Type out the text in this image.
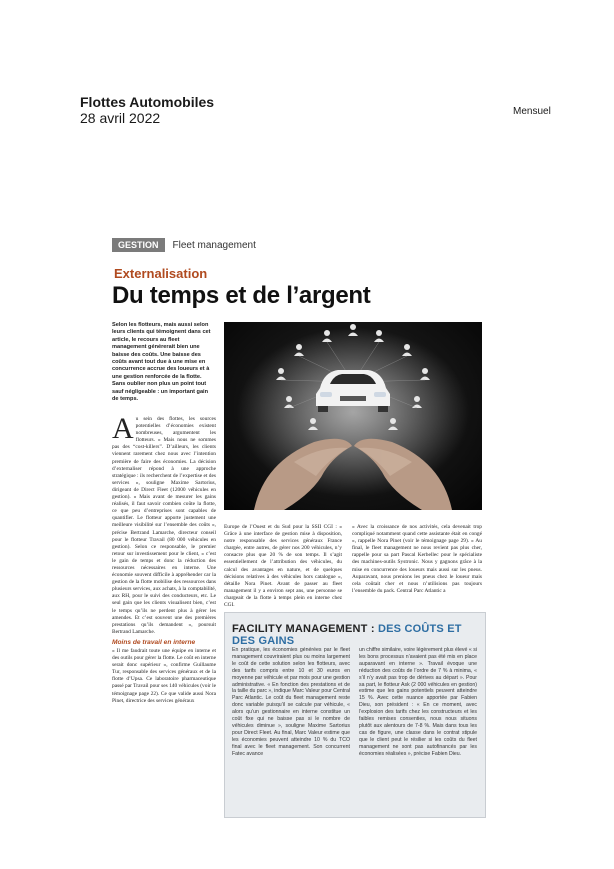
Flottes Automobiles
28 avril 2022	Mensuel
GESTION	Fleet management
Externalisation
Du temps et de l’argent
Selon les flotteurs, mais aussi selon leurs clients qui témoignent dans cet article, le recours au fleet management générerait bien une baisse des coûts. Une baisse des coûts avant tout due à une mise en concurrence accrue des loueurs et à une gestion renforcée de la flotte. Sans oublier non plus un point tout sauf négligeable : un important gain de temps.
Au sein des flottes, les sources potentielles d’économies existent nombreuses, argumentent les flotteurs. « Mais nous ne sommes pas des “cost-killers”. D’ailleurs, les clients viennent rarement chez nous avec l’intention première de faire des économies. La décision d’externaliser répond à une approche stratégique : ils recherchent de l’expertise et des services », souligne Maxime Sartorius, dirigeant de Direct Fleet (12000 véhicules en gestion). « Mais avant de mesurer les gains réalisés, il faut savoir combien coûte la flotte, ce que peu d’entreprises sont capables de quantifier. Le flotteur apporte justement une meilleure visibilité sur l’ensemble des coûts », précise Bertrand Lamarche, directeur conseil pour le flotteur Travail (80 000 véhicules en gestion). Selon ce responsable, le premier retour sur investissement pour le client, « c’est le gain de temps et donc la réduction des ressources nécessaires en interne. Une économie souvent difficile à appréhender car la gestion de la flotte mobilise des ressources dans plusieurs services, aux achats, à la comptabilité, aux RH, pour le suivi des conducteurs, etc. Le seul gain que les clients visualisent bien, c’est le temps qu’ils ne perdent plus à gérer les amendes. Et c’est souvent une des premières prestations qu’ils demandent », poursuit Bertrand Lamarche.
Moins de travail en interne
« Il me faudrait toute une équipe en interne et des outils pour gérer la flotte. Le coût en interne serait donc supérieur », confirme Guillaume Tur, responsable des services généraux et de la flotte d’Upsa. Ce laboratoire pharmaceutique passé par Travail pour ses 140 véhicules (voir le témoignage page 22). Ce que valide aussi Nora Pinet, directrice des services généraux
Europe de l’Ouest et du Sud pour la SSII CGI : « Grâce à une interface de gestion mise à disposition, notre responsable des services généraux France chargée, entre autres, de gérer nos 200 véhicules, n’y consacre plus que 20 % de son temps. Il s’agit essentiellement de l’attribution des véhicules, du calcul des avantages en nature, et de quelques décisions relatives à des véhicules hors catalogue », détaille Nora Pinet. Avant de passer au fleet management il y a environ sept ans, une personne se chargeait de la flotte à temps plein en interne chez CGI.
« Avec la croissance de nos activités, cela devenait trop compliqué notamment quand cette assistante était en congé », rappelle Nora Pinet (voir le témoignage page 29). « Au final, le fleet management ne nous revient pas plus cher, rappelle pour sa part Pascal Kerbellec pour le spécialiste des machines-outils Systronic. Nous y gagnons grâce à la mise en concurrence des loueurs mais aussi sur les pneus. Auparavant, nous prenions les pneus chez le loueur mais cela coûtait cher et nous n’utilisions pas toujours l’ensemble du pack. Central Parc Atlantic a
FACILITY MANAGEMENT : DES COÛTS ET DES GAINS
En pratique, les économies générées par le fleet management couvriraient plus ou moins largement le coût de cette solution selon les flotteurs, avec des tarifs compris entre 10 et 30 euros en moyenne par véhicule et par mois pour une gestion administrative. « En fonction des prestations et de la taille du parc », indique Marc Valeur pour Central Parc Atlantic. Le coût du fleet management reste donc variable puisqu’il se calcule par véhicule, « alors qu’un gestionnaire en interne constitue un coût fixe qui ne baisse pas si le nombre de véhicules diminue », souligne Maxime Sartorius pour Direct Fleet. Au final, Marc Valeur estime que les économies peuvent atteindre 10 % du TCO final avec le fleet management. Son concurrent Fatec avance
un chiffre similaire, voire légèrement plus élevé « si les bons processus n’avaient pas été mis en place auparavant en interne ». Travail évoque une réduction des coûts de l’ordre de 7 % à minima, « s’il n’y avait pas trop de dérives au départ ». Pour sa part, le flotteur Ask (2 000 véhicules en gestion) estime que les gains potentiels peuvent atteindre 15 %. Avec cette nuance apportée par Fabien Dieu, son président : « En ce moment, avec l’explosion des tarifs chez les constructeurs et les faibles remises consenties, nous nous situons plutôt aux alentours de 7-8 %. Mais dans tous les cas de figure, une classe dans le contrat stipule que le client peut le résilier si les coûts du fleet management ne sont pas autofinancés par les économies réalisées », précise Fabien Dieu.
